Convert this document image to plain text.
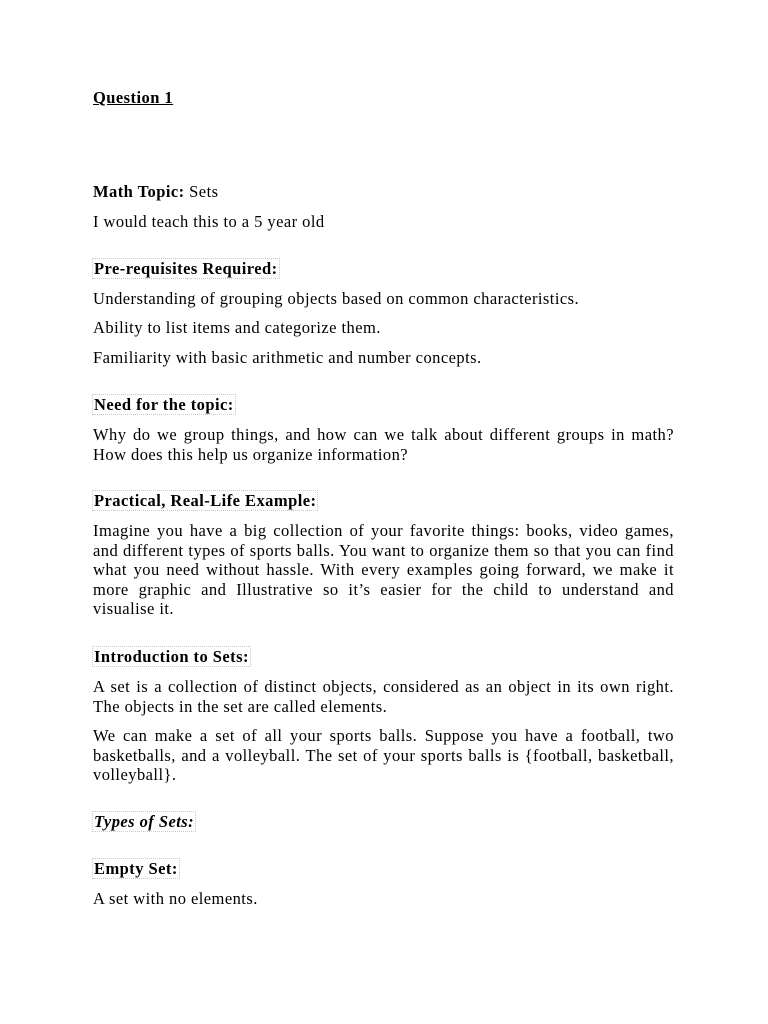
Question 1
Math Topic: Sets
I would teach this to a 5 year old
Pre-requisites Required:
Understanding of grouping objects based on common characteristics.
Ability to list items and categorize them.
Familiarity with basic arithmetic and number concepts.
Need for the topic:
Why do we group things, and how can we talk about different groups in math? How does this help us organize information?
Practical, Real-Life Example:
Imagine you have a big collection of your favorite things: books, video games, and different types of sports balls. You want to organize them so that you can find what you need without hassle. With every examples going forward, we make it more graphic and Illustrative so it’s easier for the child to understand and visualise it.
Introduction to Sets:
A set is a collection of distinct objects, considered as an object in its own right. The objects in the set are called elements.
We can make a set of all your sports balls. Suppose you have a football, two basketballs, and a volleyball. The set of your sports balls is {football, basketball, volleyball}.
Types of Sets:
Empty Set:
A set with no elements.
